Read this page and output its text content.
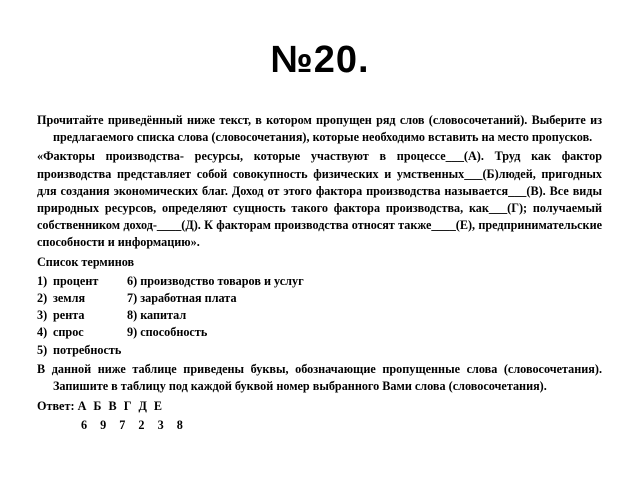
№20.

Прочитайте приведённый ниже текст, в котором пропущен ряд слов (словосочетаний). Выберите из предлагаемого списка слова (словосочетания), которые необходимо вставить на место пропусков.

«Факторы производства- ресурсы, которые участвуют в процессе___(А). Труд как фактор производства представляет собой совокупность физических и умственных___(Б)людей, пригодных для создания экономических благ. Доход от этого фактора производства называется___(В). Все виды природных ресурсов, определяют сущность такого фактора производства, как___(Г); получаемый собственником доход-____(Д). К факторам производства относят также____(Е), предпринимательские способности и информацию».

Список терминов
1) процент	6) производство товаров и услуг
2) земля	7) заработная плата
3) рента	8) капитал
4) спрос	9) способность
5) потребность

В данной ниже таблице приведены буквы, обозначающие пропущенные слова (словосочетания). Запишите в таблицу под каждой буквой номер выбранного Вами слова (словосочетания).

Ответ: А Б В Г Д Е
6 9 7 2 3 8
